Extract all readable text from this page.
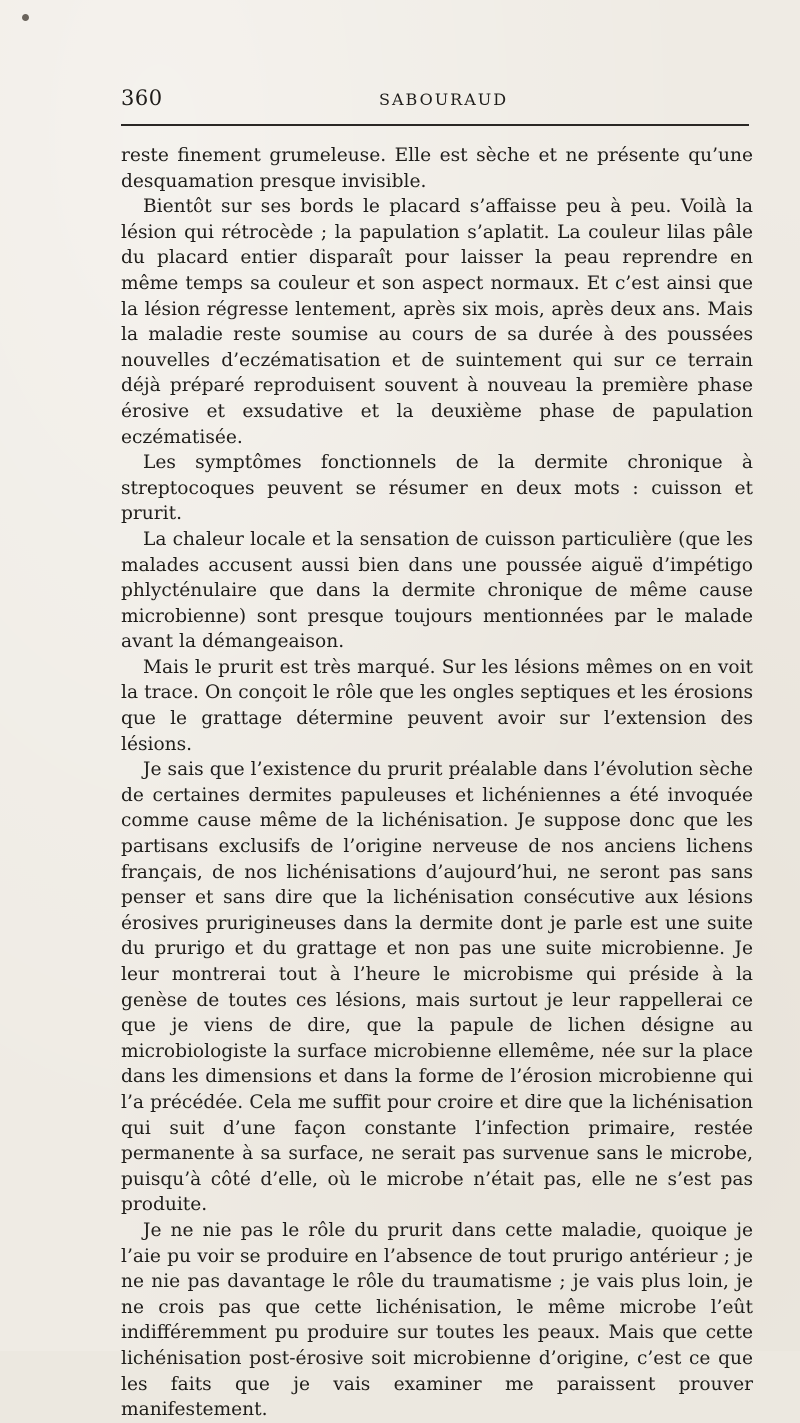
360	SABOURAUD

reste finement grumeleuse. Elle est sèche et ne présente qu’une desquamation presque invisible.

Bientôt sur ses bords le placard s’affaisse peu à peu. Voilà la lésion qui rétrocède ; la papulation s’aplatit. La couleur lilas pâle du placard entier disparaît pour laisser la peau reprendre en même temps sa couleur et son aspect normaux. Et c’est ainsi que la lésion régresse lentement, après six mois, après deux ans. Mais la maladie reste soumise au cours de sa durée à des poussées nouvelles d’eczématisation et de suintement qui sur ce terrain déjà préparé reproduisent souvent à nouveau la première phase érosive et exsudative et la deuxième phase de papulation eczématisée.

Les symptômes fonctionnels de la dermite chronique à streptocoques peuvent se résumer en deux mots : cuisson et prurit.

La chaleur locale et la sensation de cuisson particulière (que les malades accusent aussi bien dans une poussée aiguë d’impétigo phlycténulaire que dans la dermite chronique de même cause microbienne) sont presque toujours mentionnées par le malade avant la démangeaison.

Mais le prurit est très marqué. Sur les lésions mêmes on en voit la trace. On conçoit le rôle que les ongles septiques et les érosions que le grattage détermine peuvent avoir sur l’extension des lésions.

Je sais que l’existence du prurit préalable dans l’évolution sèche de certaines dermites papuleuses et lichéniennes a été invoquée comme cause même de la lichénisation. Je suppose donc que les partisans exclusifs de l’origine nerveuse de nos anciens lichens français, de nos lichénisations d’aujourd’hui, ne seront pas sans penser et sans dire que la lichénisation consécutive aux lésions érosives prurigineuses dans la dermite dont je parle est une suite du prurigo et du grattage et non pas une suite microbienne. Je leur montrerai tout à l’heure le microbisme qui préside à la genèse de toutes ces lésions, mais surtout je leur rappellerai ce que je viens de dire, que la papule de lichen désigne au microbiologiste la surface microbienne ellemême, née sur la place dans les dimensions et dans la forme de l’érosion microbienne qui l’a précédée. Cela me suffit pour croire et dire que la lichénisation qui suit d’une façon constante l’infection primaire, restée permanente à sa surface, ne serait pas survenue sans le microbe, puisqu’à côté d’elle, où le microbe n’était pas, elle ne s’est pas produite.

Je ne nie pas le rôle du prurit dans cette maladie, quoique je l’aie pu voir se produire en l’absence de tout prurigo antérieur ; je ne nie pas davantage le rôle du traumatisme ; je vais plus loin, je ne crois pas que cette lichénisation, le même microbe l’eût indifféremment pu produire sur toutes les peaux. Mais que cette lichénisation post-érosive soit microbienne d’origine, c’est ce que les faits que je vais examiner me paraissent prouver manifestement.
